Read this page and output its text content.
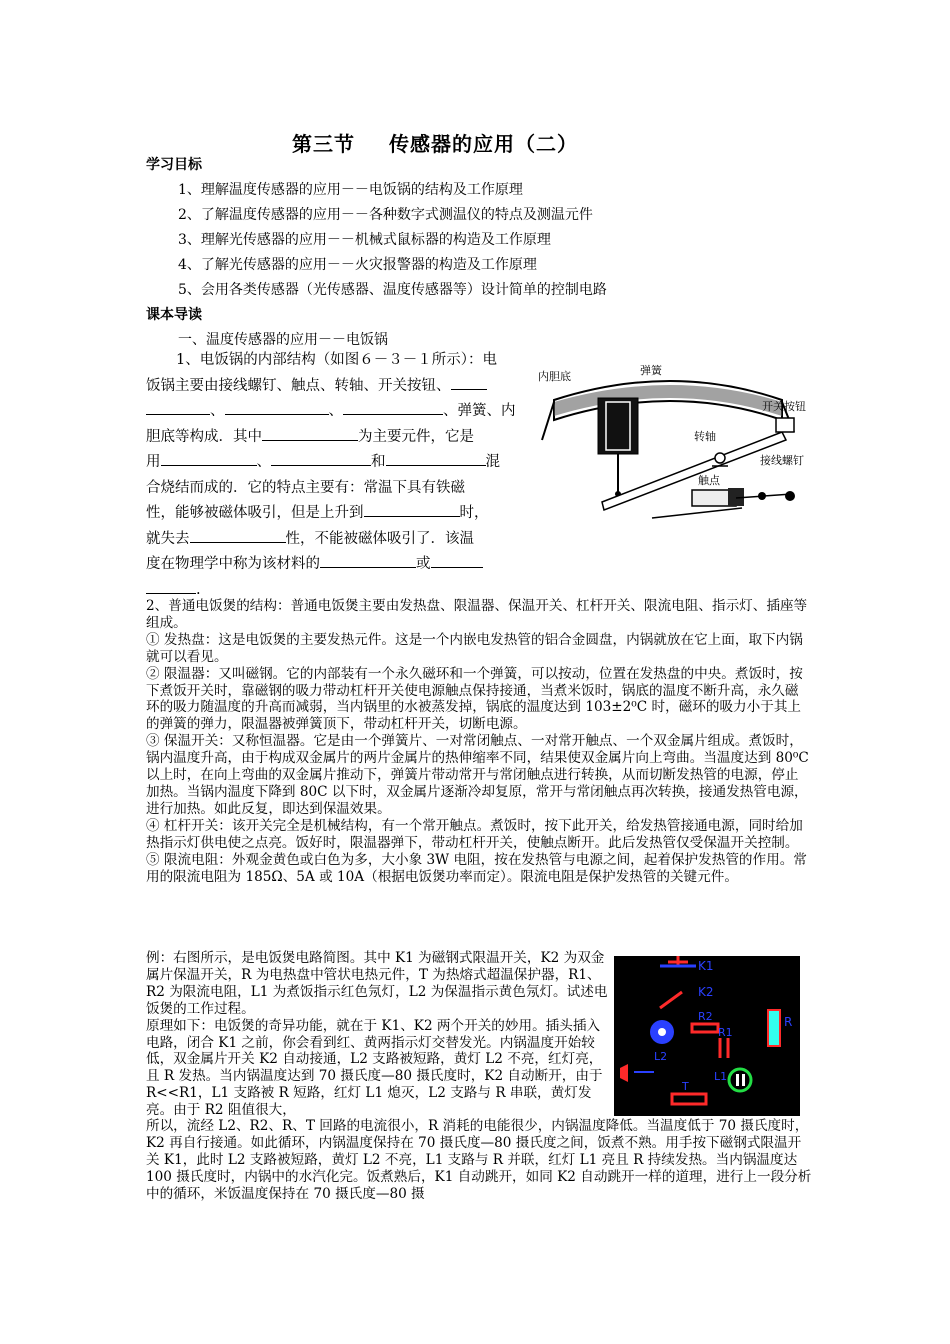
第三节 传感器的应用（二）
学习目标
1、理解温度传感器的应用－－电饭锅的结构及工作原理
2、了解温度传感器的应用－－各种数字式测温仪的特点及测温元件
3、理解光传感器的应用－－机械式鼠标器的构造及工作原理
4、了解光传感器的应用－－火灾报警器的构造及工作原理
5、会用各类传感器（光传感器、温度传感器等）设计简单的控制电路
课本导读
一、温度传感器的应用－－电饭锅
1、电饭锅的内部结构（如图６－３－１所示）：电
饭锅主要由接线螺钉、触点、转轴、开关按钮、
、	、	、弹簧、内
胆底等构成．其中	为主要元件，它是
用	、	和	混
合烧结而成的．它的特点主要有：常温下具有铁磁
性，能够被磁体吸引，但是上升到	时，
就失去	性，不能被磁体吸引了．该温
度在物理学中称为该材料的	或
.
内胆底	弹簧
开关按钮
转轴
接线螺钉
触点

2、普通电饭煲的结构：普通电饭煲主要由发热盘、限温器、保温开关、杠杆开关、限流电阻、指示灯、插座等组成。

① 发热盘：这是电饭煲的主要发热元件。这是一个内嵌电发热管的铝合金圆盘，内锅就放在它上面，取下内锅就可以看见。

② 限温器：又叫磁钢。它的内部装有一个永久磁环和一个弹簧，可以按动，位置在发热盘的中央。煮饭时，按下煮饭开关时，靠磁钢的吸力带动杠杆开关使电源触点保持接通，当煮米饭时，锅底的温度不断升高，永久磁环的吸力随温度的升高而减弱，当内锅里的水被蒸发掉，锅底的温度达到 103±2⁰C 时，磁环的吸力小于其上的弹簧的弹力，限温器被弹簧顶下，带动杠杆开关，切断电源。

③ 保温开关：又称恒温器。它是由一个弹簧片、一对常闭触点、一对常开触点、一个双金属片组成。煮饭时，锅内温度升高，由于构成双金属片的两片金属片的热伸缩率不同，结果使双金属片向上弯曲。当温度达到 80⁰C 以上时，在向上弯曲的双金属片推动下，弹簧片带动常开与常闭触点进行转换，从而切断发热管的电源，停止加热。当锅内温度下降到 80C 以下时，双金属片逐渐冷却复原，常开与常闭触点再次转换，接通发热管电源，进行加热。如此反复，即达到保温效果。

④ 杠杆开关：该开关完全是机械结构，有一个常开触点。煮饭时，按下此开关，给发热管接通电源，同时给加热指示灯供电使之点亮。饭好时，限温器弹下，带动杠杆开关，使触点断开。此后发热管仅受保温开关控制。

⑤ 限流电阻：外观金黄色或白色为多，大小象 3W 电阻，按在发热管与电源之间，起着保护发热管的作用。常用的限流电阻为 185Ω、5A 或 10A（根据电饭煲功率而定）。限流电阻是保护发热管的关键元件。

例：右图所示，是电饭煲电路简图。其中 K1 为磁钢式限温开关，K2 为双金属片保温开关，R 为电热盘中管状电热元件，T 为热熔式超温保护器，R1、R2 为限流电阻，L1 为煮饭指示红色氖灯，L2 为保温指示黄色氖灯。试述电饭煲的工作过程。

原理如下：电饭煲的奇异功能，就在于 K1、K2 两个开关的妙用。插头插入电路，闭合 K1 之前，你会看到红、黄两指示灯交替发光。内锅温度开始较低，双金属片开关 K2 自动接通，L2 支路被短路，黄灯 L2 不亮，红灯亮，且 R 发热。当内锅温度达到 70 摄氏度—80 摄氏度时，K2 自动断开，由于 R<<R1，L1 支路被 R 短路，红灯 L1 熄灭，L2 支路与 R 串联，黄灯发亮。由于 R2 阻值很大，

K1
K2
R2	R
R1
L2
L1
T

所以，流经 L2、R2、R、T 回路的电流很小，R 消耗的电能很少，内锅温度降低。当温度低于 70 摄氏度时，K2 再自行接通。如此循环，内锅温度保持在 70 摄氏度—80 摄氏度之间，饭煮不熟。用手按下磁钢式限温开关 K1，此时 L2 支路被短路，黄灯 L2 不亮，L1 支路与 R 并联，红灯 L1 亮且 R 持续发热。当内锅温度达 100 摄氏度时，内锅中的水汽化完。饭煮熟后，K1 自动跳开，如同 K2 自动跳开一样的道理，进行上一段分析中的循环，米饭温度保持在 70 摄氏度—80 摄
